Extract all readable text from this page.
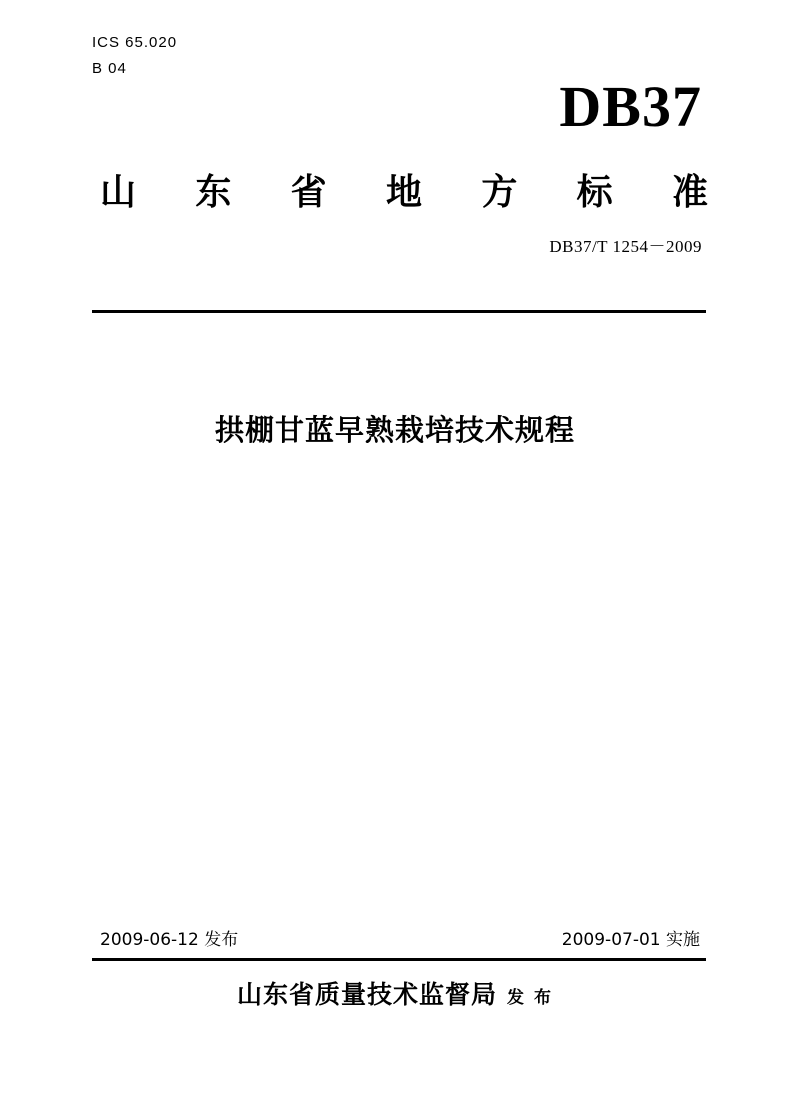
ICS 65.020
B 04
DB37
山 东 省 地 方 标 准
DB37/T 1254－2009
拱棚甘蓝早熟栽培技术规程
2009-06-12 发布	2009-07-01 实施
山东省质量技术监督局 发 布
